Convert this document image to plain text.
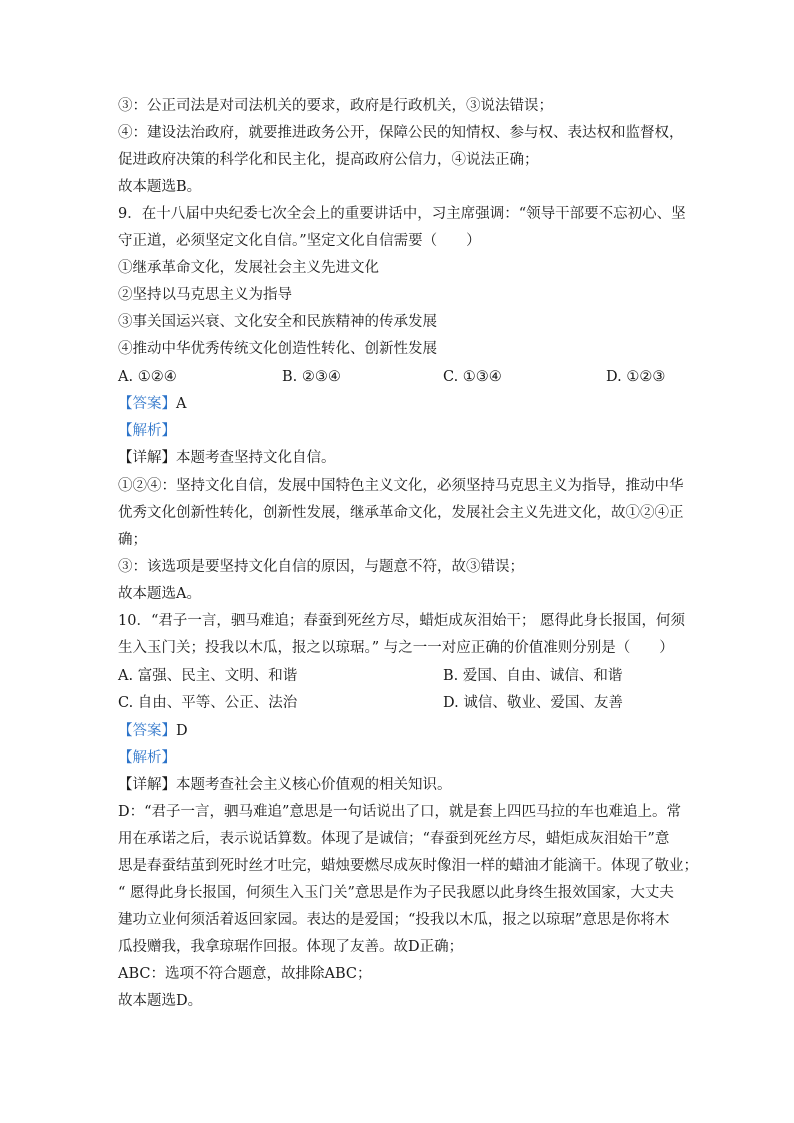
③：公正司法是对司法机关的要求，政府是行政机关，③说法错误；
④：建设法治政府，就要推进政务公开，保障公民的知情权、参与权、表达权和监督权，
促进政府决策的科学化和民主化，提高政府公信力，④说法正确；
故本题选B。
9．在十八届中央纪委七次全会上的重要讲话中，习主席强调：“领导干部要不忘初心、坚
守正道，必须坚定文化自信。”坚定文化自信需要（　　）
①继承革命文化，发展社会主义先进文化
②坚持以马克思主义为指导
③事关国运兴衰、文化安全和民族精神的传承发展
④推动中华优秀传统文化创造性转化、创新性发展
A. ①②④	B. ②③④	C. ①③④	D. ①②③
【答案】A
【解析】
【详解】本题考查坚持文化自信。
①②④：坚持文化自信，发展中国特色主义文化，必须坚持马克思主义为指导，推动中华
优秀文化创新性转化，创新性发展，继承革命文化，发展社会主义先进文化，故①②④正
确；
③：该选项是要坚持文化自信的原因，与题意不符，故③错误；
故本题选A。
10．“君子一言，驷马难追；春蚕到死丝方尽，蜡炬成灰泪始干； 愿得此身长报国，何须
生入玉门关；投我以木瓜，报之以琼琚。” 与之一一对应正确的价值准则分别是（　　）
A. 富强、民主、文明、和谐	B. 爱国、自由、诚信、和谐
C. 自由、平等、公正、法治	D. 诚信、敬业、爱国、友善
【答案】D
【解析】
【详解】本题考查社会主义核心价值观的相关知识。
D：“君子一言，驷马难追”意思是一句话说出了口，就是套上四匹马拉的车也难追上。常
用在承诺之后，表示说话算数。体现了是诚信；“春蚕到死丝方尽，蜡炬成灰泪始干”意
思是春蚕结茧到死时丝才吐完，蜡烛要燃尽成灰时像泪一样的蜡油才能滴干。体现了敬业；
“ 愿得此身长报国，何须生入玉门关”意思是作为子民我愿以此身终生报效国家，大丈夫
建功立业何须活着返回家园。表达的是爱国；“投我以木瓜，报之以琼琚”意思是你将木
瓜投赠我，我拿琼琚作回报。体现了友善。故D正确；
ABC：选项不符合题意，故排除ABC；
故本题选D。
